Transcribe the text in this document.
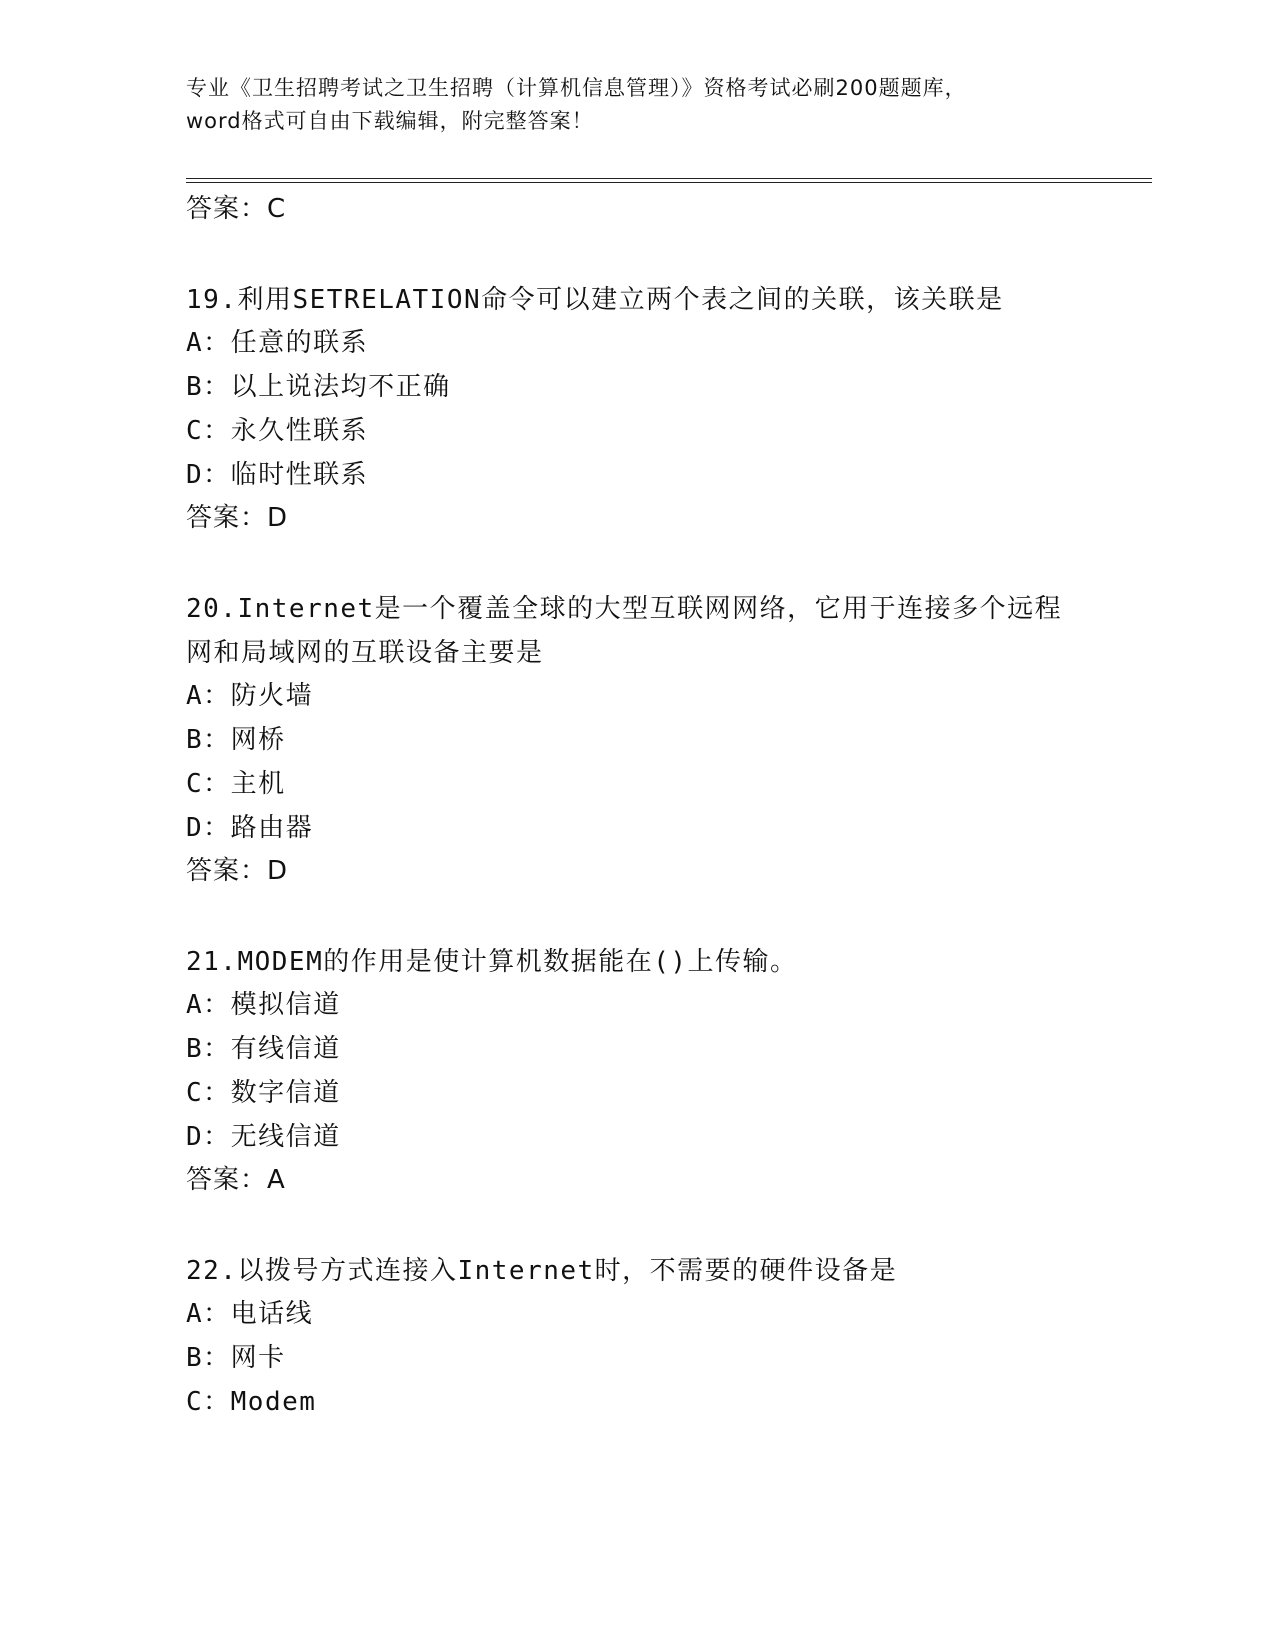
专业《卫生招聘考试之卫生招聘（计算机信息管理）》资格考试必刷200题题库，
word格式可自由下载编辑，附完整答案！
答案：C
19.利用SETRELATION命令可以建立两个表之间的关联，该关联是
A：任意的联系
B：以上说法均不正确
C：永久性联系
D：临时性联系
答案：D
20.Internet是一个覆盖全球的大型互联网网络，它用于连接多个远程
网和局域网的互联设备主要是
A：防火墙
B：网桥
C：主机
D：路由器
答案：D
21.MODEM的作用是使计算机数据能在()上传输。
A：模拟信道
B：有线信道
C：数字信道
D：无线信道
答案：A
22.以拨号方式连接入Internet时，不需要的硬件设备是
A：电话线
B：网卡
C：Modem
